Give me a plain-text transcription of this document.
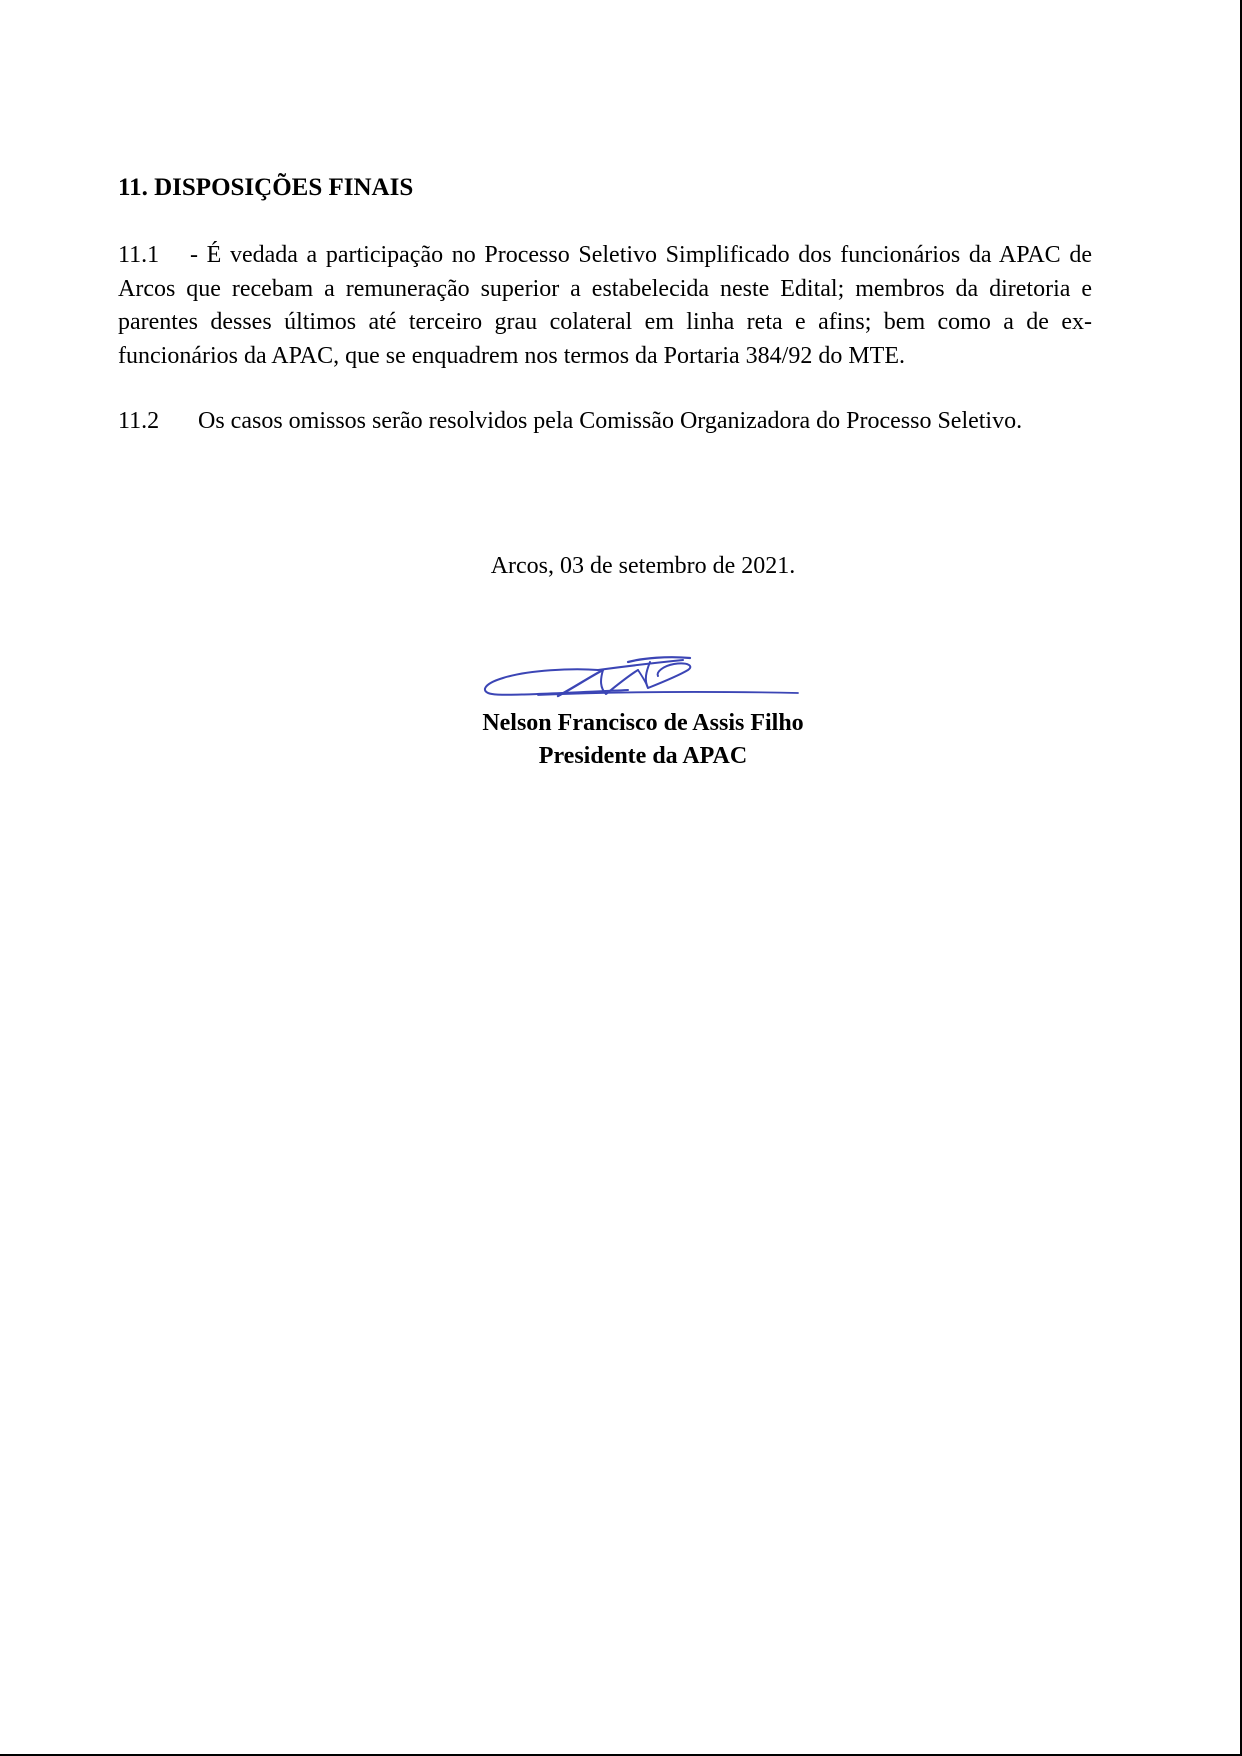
11. DISPOSIÇÕES FINAIS
11.1 - É vedada a participação no Processo Seletivo Simplificado dos funcionários da APAC de Arcos que recebam a remuneração superior a estabelecida neste Edital; membros da diretoria e parentes desses últimos até terceiro grau colateral em linha reta e afins; bem como a de ex-funcionários da APAC, que se enquadrem nos termos da Portaria 384/92 do MTE.
11.2 Os casos omissos serão resolvidos pela Comissão Organizadora do Processo Seletivo.
Arcos, 03 de setembro de 2021.
Nelson Francisco de Assis Filho
Presidente da APAC
